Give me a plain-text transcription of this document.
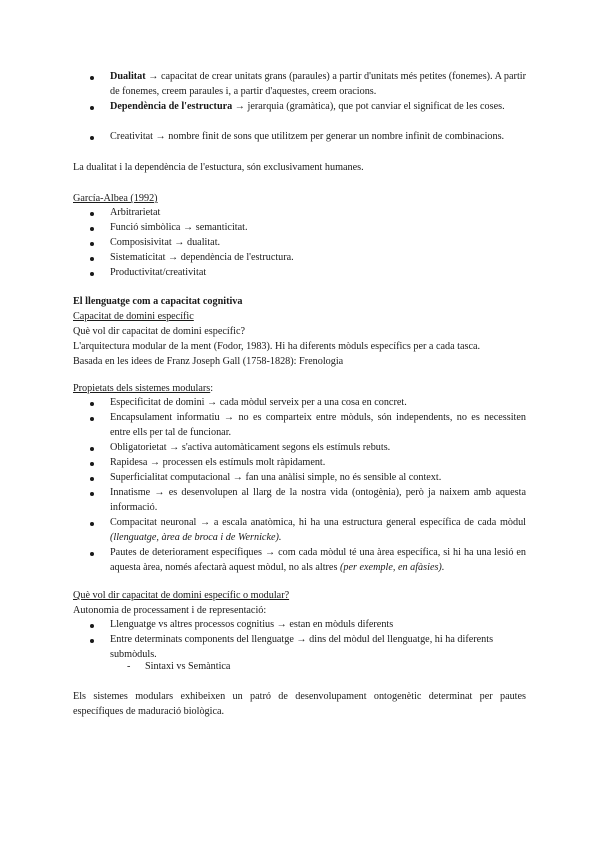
Dualitat → capacitat de crear unitats grans (paraules) a partir d'unitats més petites (fonemes). A partir de fonemes, creem paraules i, a partir d'aquestes, creem oracions.
Dependència de l'estructura → jerarquia (gramàtica), que pot canviar el significat de les coses.
Creativitat → nombre finit de sons que utilitzem per generar un nombre infinit de combinacions.
La dualitat i la dependència de l'estuctura, són exclusivament humanes.
García-Albea (1992)
Arbitrarietat
Funció simbòlica → semanticitat.
Composisivitat → dualitat.
Sistematicitat → dependència de l'estructura.
Productivitat/creativitat
El llenguatge com a capacitat cognitiva
Capacitat de domini específic
Què vol dir capacitat de domini específic?
L'arquitectura modular de la ment (Fodor, 1983). Hi ha diferents mòduls específics per a cada tasca.
Basada en les idees de Franz Joseph Gall (1758-1828): Frenologia
Propietats dels sistemes modulars:
Especificitat de domini → cada mòdul serveix per a una cosa en concret.
Encapsulament informatiu → no es comparteix entre mòduls, són independents, no es necessiten entre ells per tal de funcionar.
Obligatorietat → s'activa automàticament segons els estímuls rebuts.
Rapidesa → processen els estímuls molt ràpidament.
Superficialitat computacional → fan una anàlisi simple, no és sensible al context.
Innatisme → es desenvolupen al llarg de la nostra vida (ontogènia), però ja naixem amb aquesta informació.
Compacitat neuronal → a escala anatòmica, hi ha una estructura general específica de cada mòdul (llenguatge, àrea de broca i de Wernicke).
Pautes de deteriorament específiques → com cada mòdul té una àrea específica, si hi ha una lesió en aquesta àrea, només afectarà aquest mòdul, no als altres (per exemple, en afàsies).
Què vol dir capacitat de domini específic o modular?
Autonomia de processament i de representació:
Llenguatge vs altres processos cognitius → estan en mòduls diferents
Entre determinats components del llenguatge → dins del mòdul del llenguatge, hi ha diferents submòduls.
- Sintaxi vs Semàntica
Els sistemes modulars exhibeixen un patró de desenvolupament ontogenètic determinat per pautes específiques de maduració biològica.
